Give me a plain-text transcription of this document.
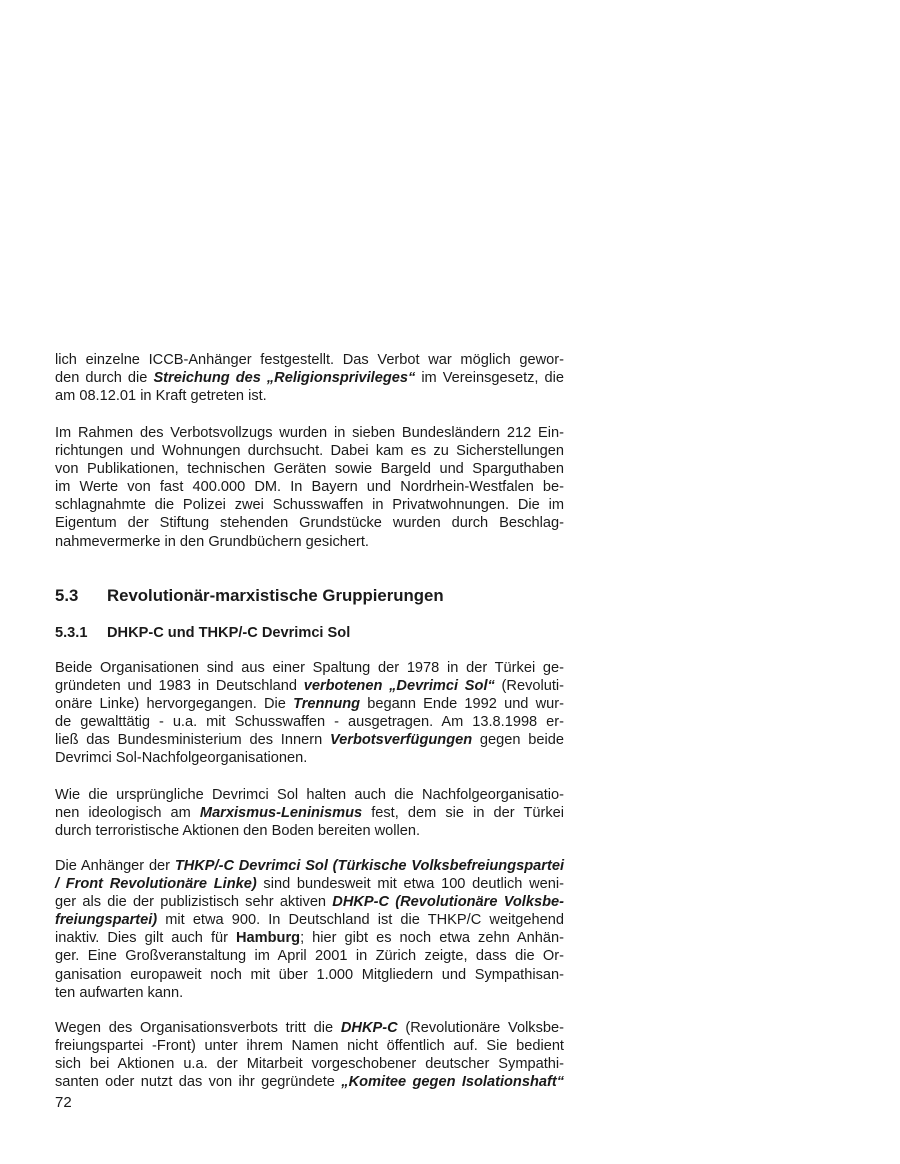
lich einzelne ICCB-Anhänger festgestellt. Das Verbot war möglich gewor-
den durch die Streichung des „Religionsprivileges“ im Vereinsgesetz, die
am 08.12.01 in Kraft getreten ist.
Im Rahmen des Verbotsvollzugs wurden in sieben Bundesländern 212 Ein-
richtungen und Wohnungen durchsucht. Dabei kam es zu Sicherstellungen
von Publikationen, technischen Geräten sowie Bargeld und Sparguthaben
im Werte von fast 400.000 DM. In Bayern und Nordrhein-Westfalen be-
schlagnahmte die Polizei zwei Schusswaffen in Privatwohnungen. Die im
Eigentum der Stiftung stehenden Grundstücke wurden durch Beschlag-
nahmevermerke in den Grundbüchern gesichert.
5.3 Revolutionär-marxistische Gruppierungen
5.3.1 DHKP-C und THKP/-C Devrimci Sol
Beide Organisationen sind aus einer Spaltung der 1978 in der Türkei ge-
gründeten und 1983 in Deutschland verbotenen „Devrimci Sol“ (Revoluti-
onäre Linke) hervorgegangen. Die Trennung begann Ende 1992 und wur-
de gewalttätig - u.a. mit Schusswaffen - ausgetragen. Am 13.8.1998 er-
ließ das Bundesministerium des Innern Verbotsverfügungen gegen beide
Devrimci Sol-Nachfolgeorganisationen.
Wie die ursprüngliche Devrimci Sol halten auch die Nachfolgeorganisatio-
nen ideologisch am Marxismus-Leninismus fest, dem sie in der Türkei
durch terroristische Aktionen den Boden bereiten wollen.
Die Anhänger der THKP/-C Devrimci Sol (Türkische Volksbefreiungspartei
/ Front Revolutionäre Linke) sind bundesweit mit etwa 100 deutlich weni-
ger als die der publizistisch sehr aktiven DHKP-C (Revolutionäre Volksbe-
freiungspartei) mit etwa 900. In Deutschland ist die THKP/C weitgehend
inaktiv. Dies gilt auch für Hamburg; hier gibt es noch etwa zehn Anhän-
ger. Eine Großveranstaltung im April 2001 in Zürich zeigte, dass die Or-
ganisation europaweit noch mit über 1.000 Mitgliedern und Sympathisan-
ten aufwarten kann.
Wegen des Organisationsverbots tritt die DHKP-C (Revolutionäre Volksbe-
freiungspartei -Front) unter ihrem Namen nicht öffentlich auf. Sie bedient
sich bei Aktionen u.a. der Mitarbeit vorgeschobener deutscher Sympathi-
santen oder nutzt das von ihr gegründete „Komitee gegen Isolationshaft“
72
